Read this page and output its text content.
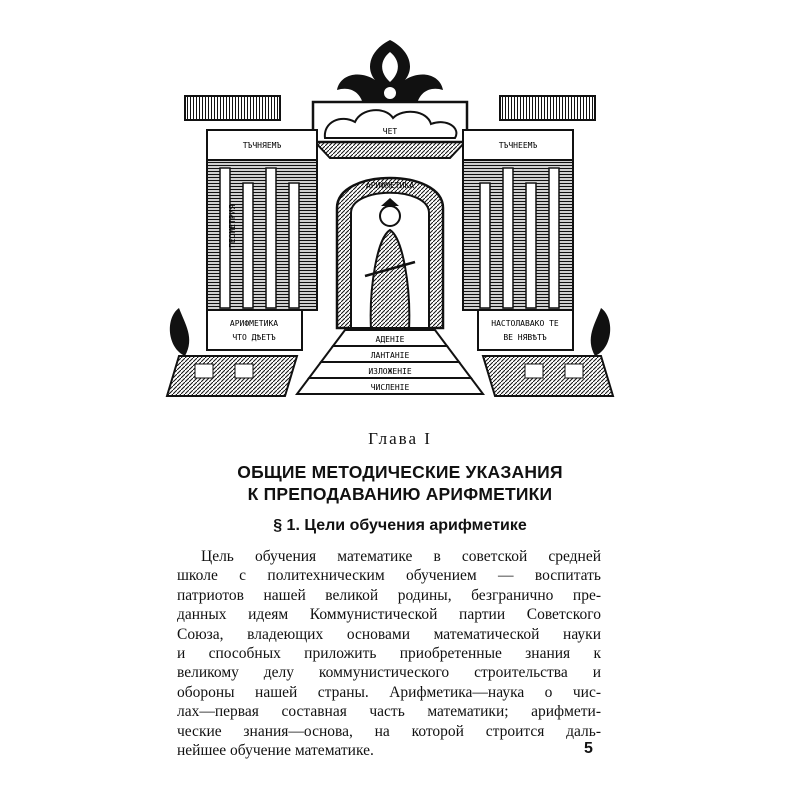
ЧЕТ
ТЪЧНЯЕМЪ
ГЕОМЕТРИЯ
АРИФМЕТИКА
ЧТО ДѢЕТЪ
ТЪЧНЕЕМЪ
НАСТОЛАВАКО ТЕ
ВЕ НЯВѢТЪ
АРИФМЕТИКА
АДЕНІЕ
ЛАНТАНІЕ
ИЗЛОЖЕНІЕ
ЧИСЛЕНІЕ
Глава I
ОБЩИЕ МЕТОДИЧЕСКИЕ УКАЗАНИЯ
К ПРЕПОДАВАНИЮ АРИФМЕТИКИ
§ 1. Цели обучения арифметике
Цель обучения математике в советской средней
школе с политехническим обучением — воспитать
патриотов нашей великой родины, безгранично пре-
данных идеям Коммунистической партии Советского
Союза, владеющих основами математической науки
и способных приложить приобретенные знания к
великому делу коммунистического строительства и
обороны нашей страны. Арифметика—наука о чис-
лах—первая составная часть математики; арифмети-
ческие знания—основа, на которой строится даль-
нейшее обучение математике.	5
